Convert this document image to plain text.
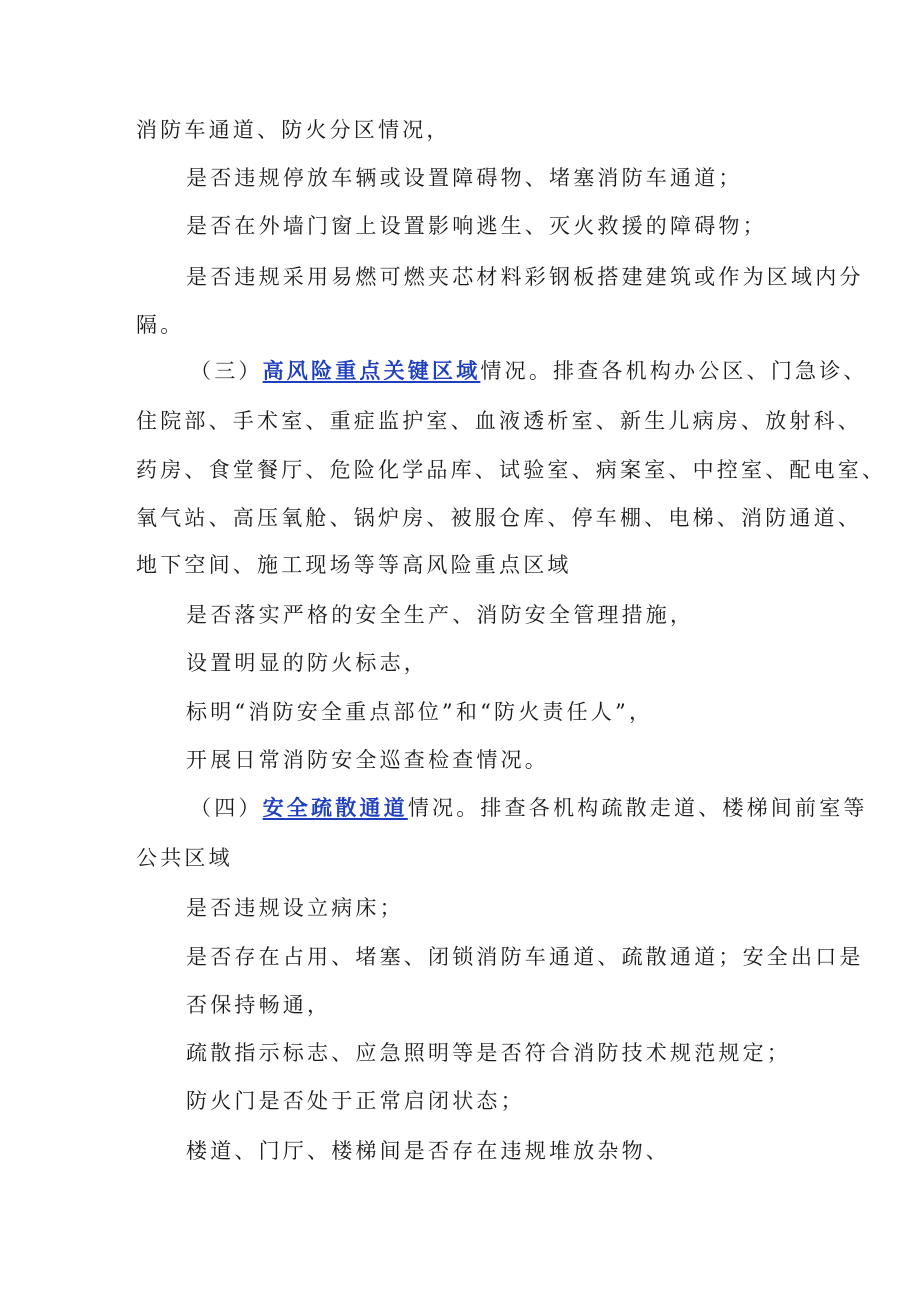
消防车通道、防火分区情况，
是否违规停放车辆或设置障碍物、堵塞消防车通道；
是否在外墙门窗上设置影响逃生、灭火救援的障碍物；
是否违规采用易燃可燃夹芯材料彩钢板搭建建筑或作为区域内分
隔。
（三）高风险重点关键区域情况。排查各机构办公区、门急诊、
住院部、手术室、重症监护室、血液透析室、新生儿病房、放射科、
药房、食堂餐厅、危险化学品库、试验室、病案室、中控室、配电室、
氧气站、高压氧舱、锅炉房、被服仓库、停车棚、电梯、消防通道、
地下空间、施工现场等等高风险重点区域
是否落实严格的安全生产、消防安全管理措施，
设置明显的防火标志，
标明“消防安全重点部位”和“防火责任人”，
开展日常消防安全巡查检查情况。
（四）安全疏散通道情况。排查各机构疏散走道、楼梯间前室等
公共区域
是否违规设立病床；
是否存在占用、堵塞、闭锁消防车通道、疏散通道；安全出口是
否保持畅通，
疏散指示标志、应急照明等是否符合消防技术规范规定；
防火门是否处于正常启闭状态；
楼道、门厅、楼梯间是否存在违规堆放杂物、
